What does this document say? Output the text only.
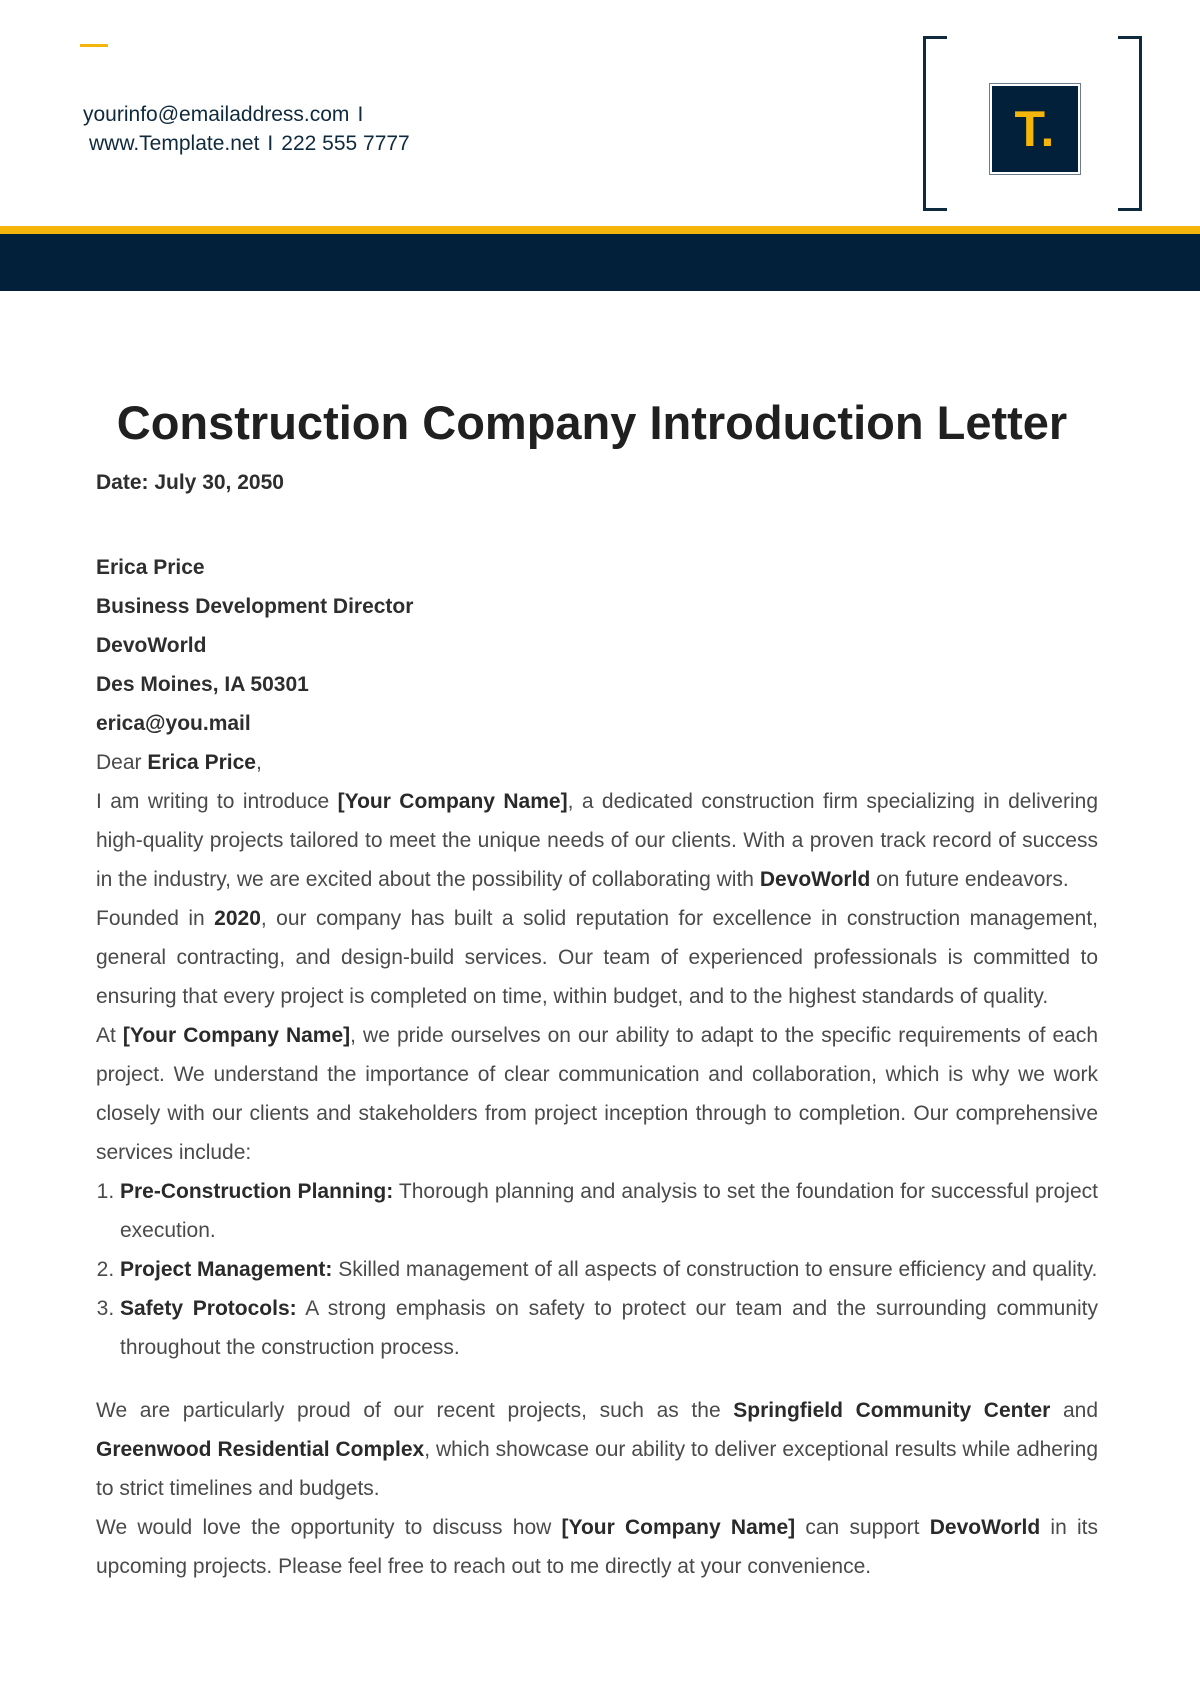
yourinfo@emailaddress.com I
www.Template.net I 222 555 7777	T.
Construction Company Introduction Letter
Date: July 30, 2050
Erica Price
Business Development Director
DevoWorld
Des Moines, IA 50301
erica@you.mail

Dear Erica Price,

I am writing to introduce [Your Company Name], a dedicated construction firm specializing in delivering high-quality projects tailored to meet the unique needs of our clients. With a proven track record of success in the industry, we are excited about the possibility of collaborating with DevoWorld on future endeavors.

Founded in 2020, our company has built a solid reputation for excellence in construction management, general contracting, and design-build services. Our team of experienced professionals is committed to ensuring that every project is completed on time, within budget, and to the highest standards of quality.

At [Your Company Name], we pride ourselves on our ability to adapt to the specific requirements of each project. We understand the importance of clear communication and collaboration, which is why we work closely with our clients and stakeholders from project inception through to completion. Our comprehensive services include:

1. Pre-Construction Planning: Thorough planning and analysis to set the foundation for successful project execution.
2. Project Management: Skilled management of all aspects of construction to ensure efficiency and quality.
3. Safety Protocols: A strong emphasis on safety to protect our team and the surrounding community throughout the construction process.

We are particularly proud of our recent projects, such as the Springfield Community Center and Greenwood Residential Complex, which showcase our ability to deliver exceptional results while adhering to strict timelines and budgets.

We would love the opportunity to discuss how [Your Company Name] can support DevoWorld in its upcoming projects. Please feel free to reach out to me directly at your convenience.
